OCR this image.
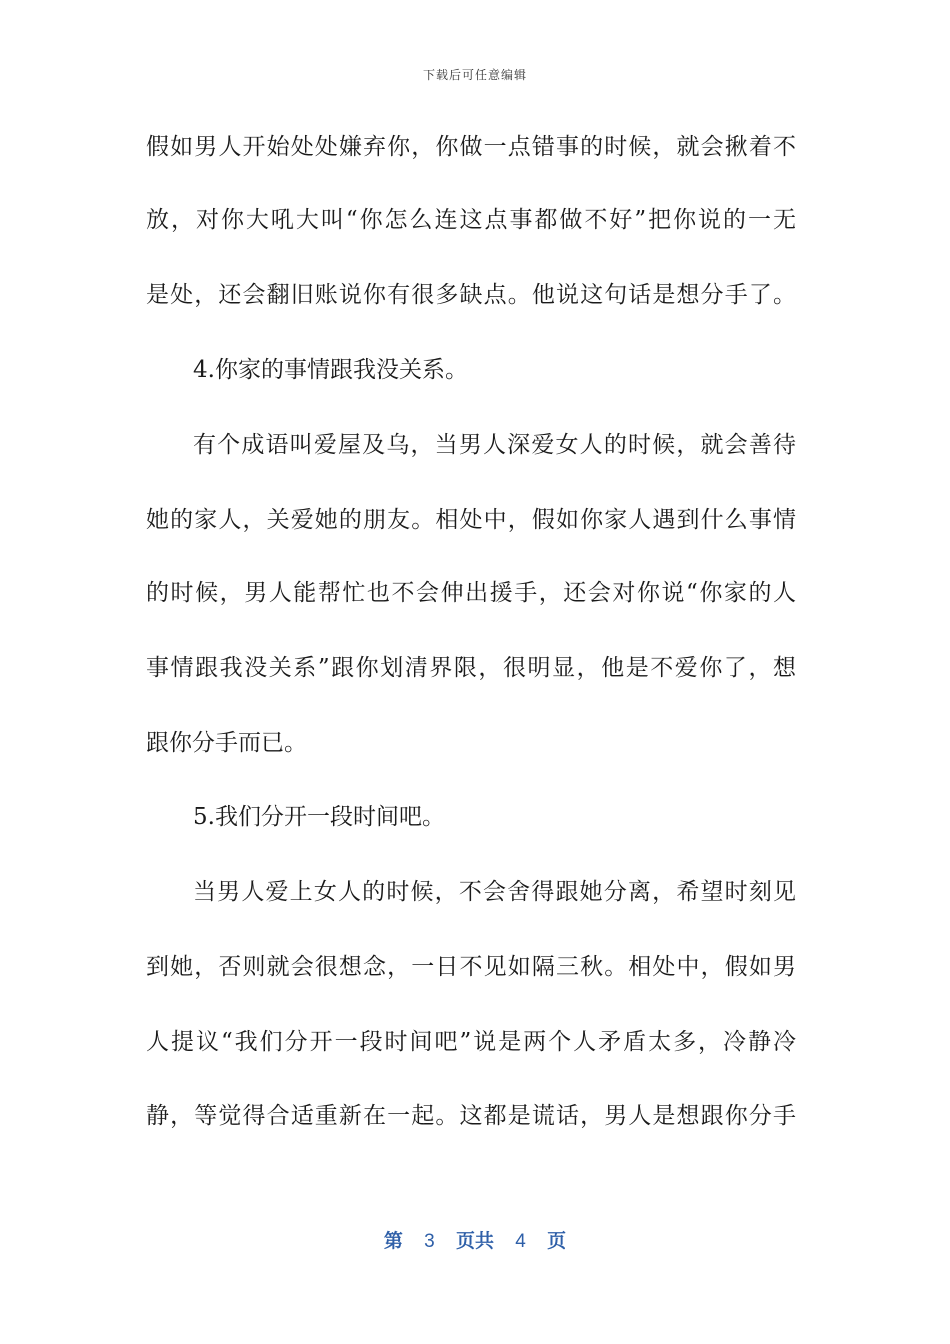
下载后可任意编辑
假如男人开始处处嫌弃你，你做一点错事的时候，就会揪着不
放，对你大吼大叫“你怎么连这点事都做不好”把你说的一无
是处，还会翻旧账说你有很多缺点。他说这句话是想分手了。
4.你家的事情跟我没关系。
有个成语叫爱屋及乌，当男人深爱女人的时候，就会善待
她的家人，关爱她的朋友。相处中，假如你家人遇到什么事情
的时候，男人能帮忙也不会伸出援手，还会对你说“你家的人
事情跟我没关系”跟你划清界限，很明显，他是不爱你了，想
跟你分手而已。
5.我们分开一段时间吧。
当男人爱上女人的时候，不会舍得跟她分离，希望时刻见
到她，否则就会很想念，一日不见如隔三秋。相处中，假如男
人提议“我们分开一段时间吧”说是两个人矛盾太多，冷静冷
静，等觉得合适重新在一起。这都是谎话，男人是想跟你分手
第 3 页共 4 页
